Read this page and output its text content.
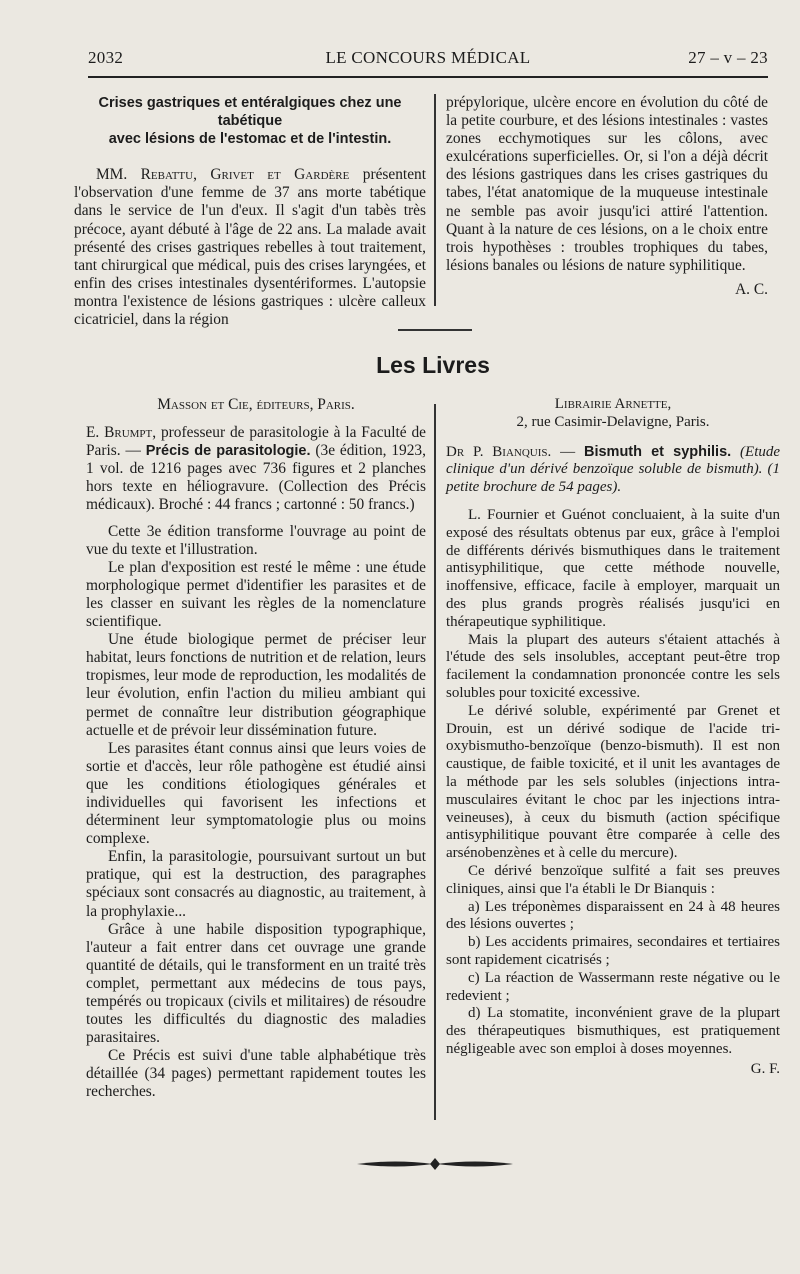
2032	LE CONCOURS MÉDICAL	27 – v – 23

Crises gastriques et entéralgiques chez une tabétique
avec lésions de l'estomac et de l'intestin.

MM. Rebattu, Grivet et Gardère présentent l'observation d'une femme de 37 ans morte tabétique dans le service de l'un d'eux. Il s'agit d'un tabès très précoce, ayant débuté à l'âge de 22 ans. La malade avait présenté des crises gastriques rebelles à tout traitement, tant chirurgical que médical, puis des crises laryngées, et enfin des crises intestinales dysentériformes. L'autopsie montra l'existence de lésions gastriques : ulcère calleux cicatriciel, dans la région

prépylorique, ulcère encore en évolution du côté de la petite courbure, et des lésions intestinales : vastes zones ecchymotiques sur les côlons, avec exulcérations superficielles. Or, si l'on a déjà décrit des lésions gastriques dans les crises gastriques du tabes, l'état anatomique de la muqueuse intestinale ne semble pas avoir jusqu'ici attiré l'attention. Quant à la nature de ces lésions, on a le choix entre trois hypothèses : troubles trophiques du tabes, lésions banales ou lésions de nature syphilitique.

A. C.

Les Livres

Masson et Cie, éditeurs, Paris.

E. Brumpt, professeur de parasitologie à la Faculté de Paris. — Précis de parasitologie. (3e édition, 1923, 1 vol. de 1216 pages avec 736 figures et 2 planches hors texte en héliogravure. (Collection des Précis médicaux). Broché : 44 francs ; cartonné : 50 francs.)

Cette 3e édition transforme l'ouvrage au point de vue du texte et l'illustration.

Le plan d'exposition est resté le même : une étude morphologique permet d'identifier les parasites et de les classer en suivant les règles de la nomenclature scientifique.

Une étude biologique permet de préciser leur habitat, leurs fonctions de nutrition et de relation, leurs tropismes, leur mode de reproduction, les modalités de leur évolution, enfin l'action du milieu ambiant qui permet de connaître leur distribution géographique actuelle et de prévoir leur dissémination future.

Les parasites étant connus ainsi que leurs voies de sortie et d'accès, leur rôle pathogène est étudié ainsi que les conditions étiologiques générales et individuelles qui favorisent les infections et déterminent leur symptomatologie plus ou moins complexe.

Enfin, la parasitologie, poursuivant surtout un but pratique, qui est la destruction, des paragraphes spéciaux sont consacrés au diagnostic, au traitement, à la prophylaxie...

Grâce à une habile disposition typographique, l'auteur a fait entrer dans cet ouvrage une grande quantité de détails, qui le transforment en un traité très complet, permettant aux médecins de tous pays, tempérés ou tropicaux (civils et militaires) de résoudre toutes les difficultés du diagnostic des maladies parasitaires.

Ce Précis est suivi d'une table alphabétique très détaillée (34 pages) permettant rapidement toutes les recherches.

Librairie Arnette,

2, rue Casimir-Delavigne, Paris.

Dr P. Bianquis. — Bismuth et syphilis. (Etude clinique d'un dérivé benzoïque soluble de bismuth). (1 petite brochure de 54 pages).

L. Fournier et Guénot concluaient, à la suite d'un exposé des résultats obtenus par eux, grâce à l'emploi de différents dérivés bismuthiques dans le traitement antisyphilitique, que cette méthode nouvelle, inoffensive, efficace, facile à employer, marquait un des plus grands progrès réalisés jusqu'ici en thérapeutique syphilitique.

Mais la plupart des auteurs s'étaient attachés à l'étude des sels insolubles, acceptant peut-être trop facilement la condamnation prononcée contre les sels solubles pour toxicité excessive.

Le dérivé soluble, expérimenté par Grenet et Drouin, est un dérivé sodique de l'acide tri-oxybismutho-benzoïque (benzo-bismuth). Il est non caustique, de faible toxicité, et il unit les avantages de la méthode par les sels solubles (injections intra-musculaires évitant le choc par les injections intra-veineuses), à ceux du bismuth (action spécifique antisyphilitique pouvant être comparée à celle des arsénobenzènes et à celle du mercure).

Ce dérivé benzoïque sulfité a fait ses preuves cliniques, ainsi que l'a établi le Dr Bianquis :

a) Les tréponèmes disparaissent en 24 à 48 heures des lésions ouvertes ;

b) Les accidents primaires, secondaires et tertiaires sont rapidement cicatrisés ;

c) La réaction de Wassermann reste négative ou le redevient ;

d) La stomatite, inconvénient grave de la plupart des thérapeutiques bismuthiques, est pratiquement négligeable avec son emploi à doses moyennes.

G. F.
